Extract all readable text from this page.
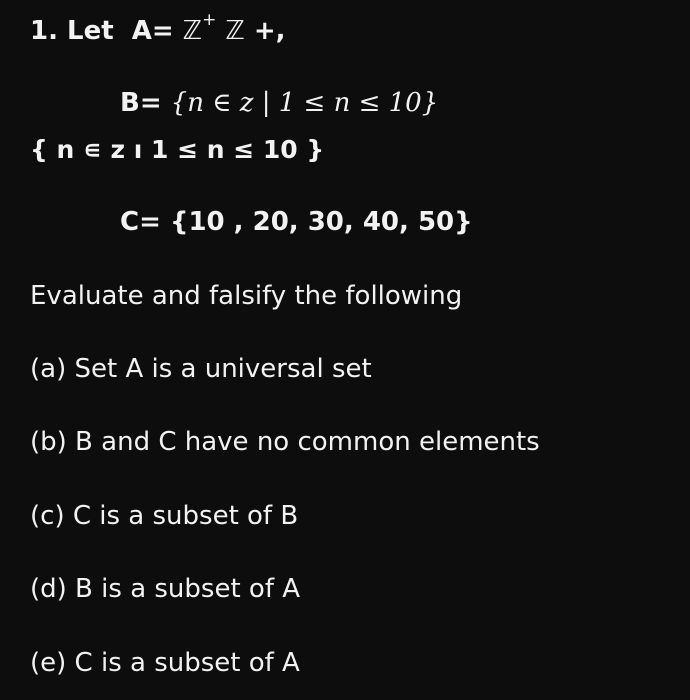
1. Let A= ℤ+ ℤ +,
B= {n ∈ z | 1 ≤ n ≤ 10}
{ n ∊ z ı 1 ≤ n ≤ 10 }
C= {10 , 20, 30, 40, 50}
Evaluate and falsify the following
(a) Set A is a universal set
(b) B and C have no common elements
(c) C is a subset of B
(d) B is a subset of A
(e) C is a subset of A
